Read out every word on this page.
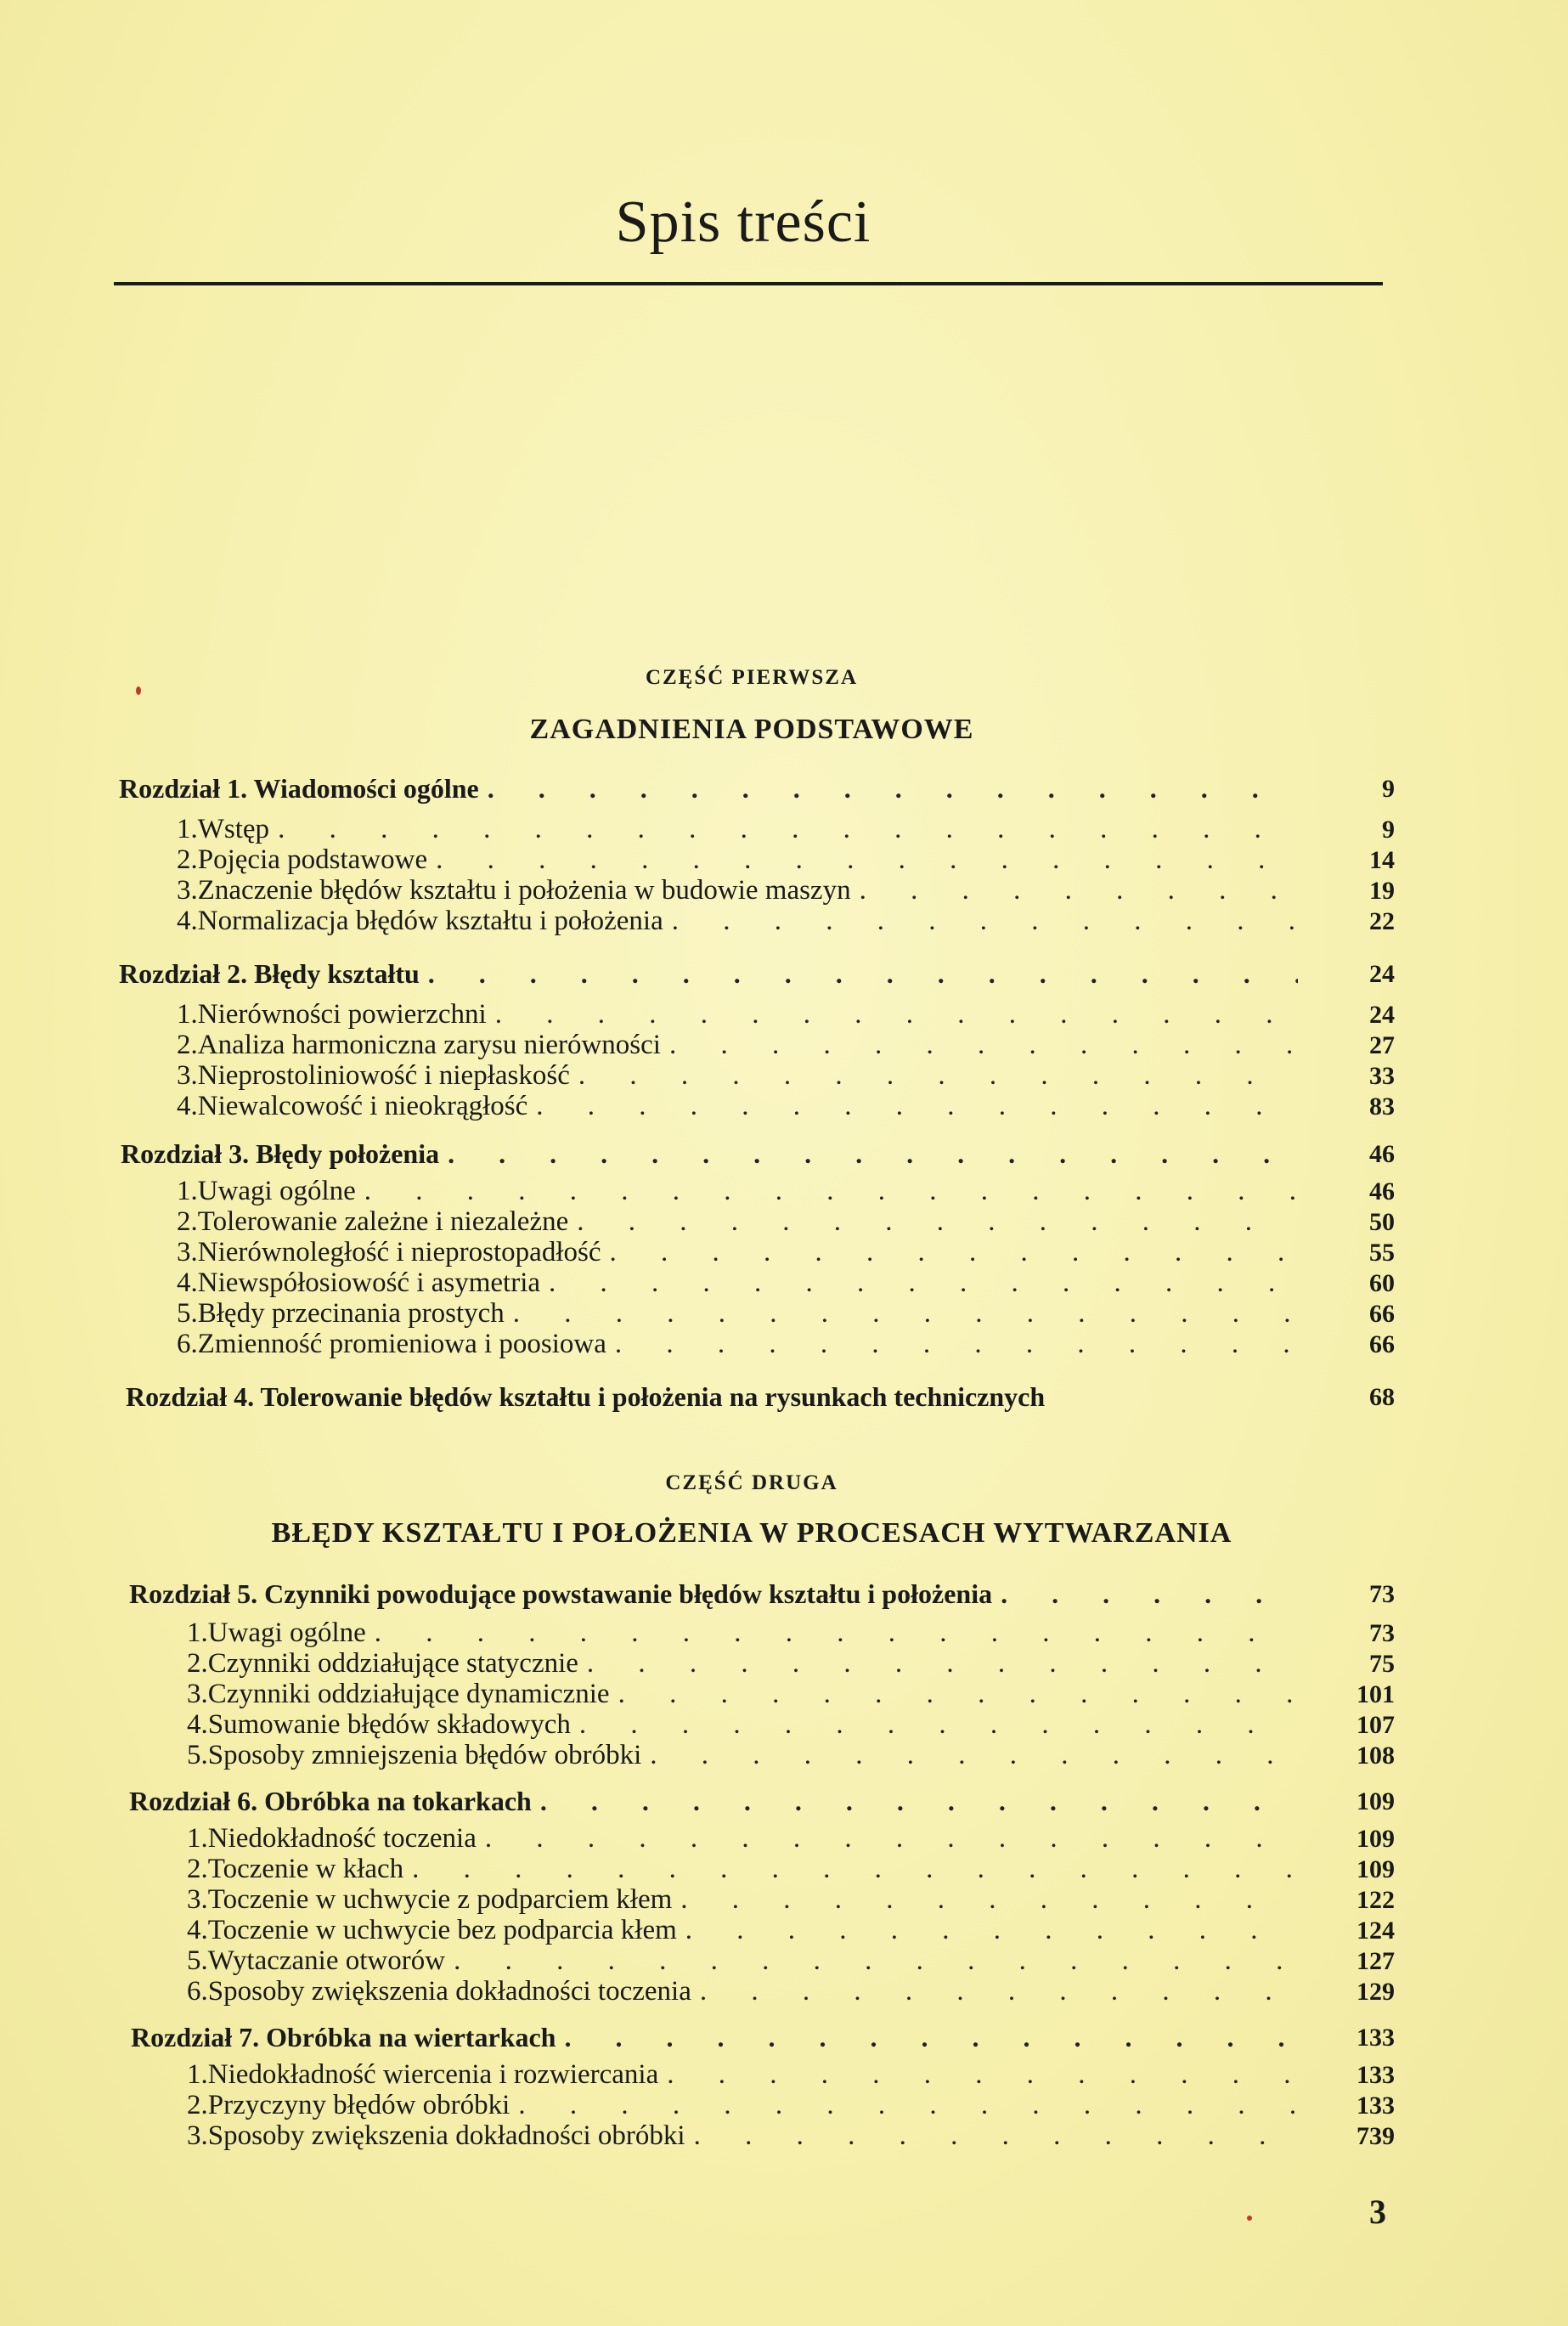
Spis treści
CZĘŚĆ PIERWSZA
ZAGADNIENIA PODSTAWOWE
Rozdział 1. Wiadomości ogólne . . .	9
1. Wstęp . . .	9
2. Pojęcia podstawowe . . .	14
3. Znaczenie błędów kształtu i położenia w budowie maszyn . . .	19
4. Normalizacja błędów kształtu i położenia . . .	22
Rozdział 2. Błędy kształtu . . .	24
1. Nierówności powierzchni . . .	24
2. Analiza harmoniczna zarysu nierówności . . .	27
3. Nieprostoliniowość i niepłaskość . . .	33
4. Niewalcowość i nieokrągłość . . .	83
Rozdział 3. Błędy położenia . . .	46
1. Uwagi ogólne . . .	46
2. Tolerowanie zależne i niezależne . . .	50
3. Nierównoległość i nieprostopadłość . . .	55
4. Niewspółosiowość i asymetria . . .	60
5. Błędy przecinania prostych . . .	66
6. Zmienność promieniowa i poosiowa . . .	66
Rozdział 4. Tolerowanie błędów kształtu i położenia na rysunkach technicznych	68
CZĘŚĆ DRUGA
BŁĘDY KSZTAŁTU I POŁOŻENIA W PROCESACH WYTWARZANIA
Rozdział 5. Czynniki powodujące powstawanie błędów kształtu i położenia . . .	73
1. Uwagi ogólne . . .	73
2. Czynniki oddziałujące statycznie . . .	75
3. Czynniki oddziałujące dynamicznie . . .	101
4. Sumowanie błędów składowych . . .	107
5. Sposoby zmniejszenia błędów obróbki . . .	108
Rozdział 6. Obróbka na tokarkach . . .	109
1. Niedokładność toczenia . . .	109
2. Toczenie w kłach . . .	109
3. Toczenie w uchwycie z podparciem kłem . . .	122
4. Toczenie w uchwycie bez podparcia kłem . . .	124
5. Wytaczanie otworów . . .	127
6. Sposoby zwiększenia dokładności toczenia . . .	129
Rozdział 7. Obróbka na wiertarkach . . .	133
1. Niedokładność wiercenia i rozwiercania . . .	133
2. Przyczyny błędów obróbki . . .	133
3. Sposoby zwiększenia dokładności obróbki . . .	739
3
